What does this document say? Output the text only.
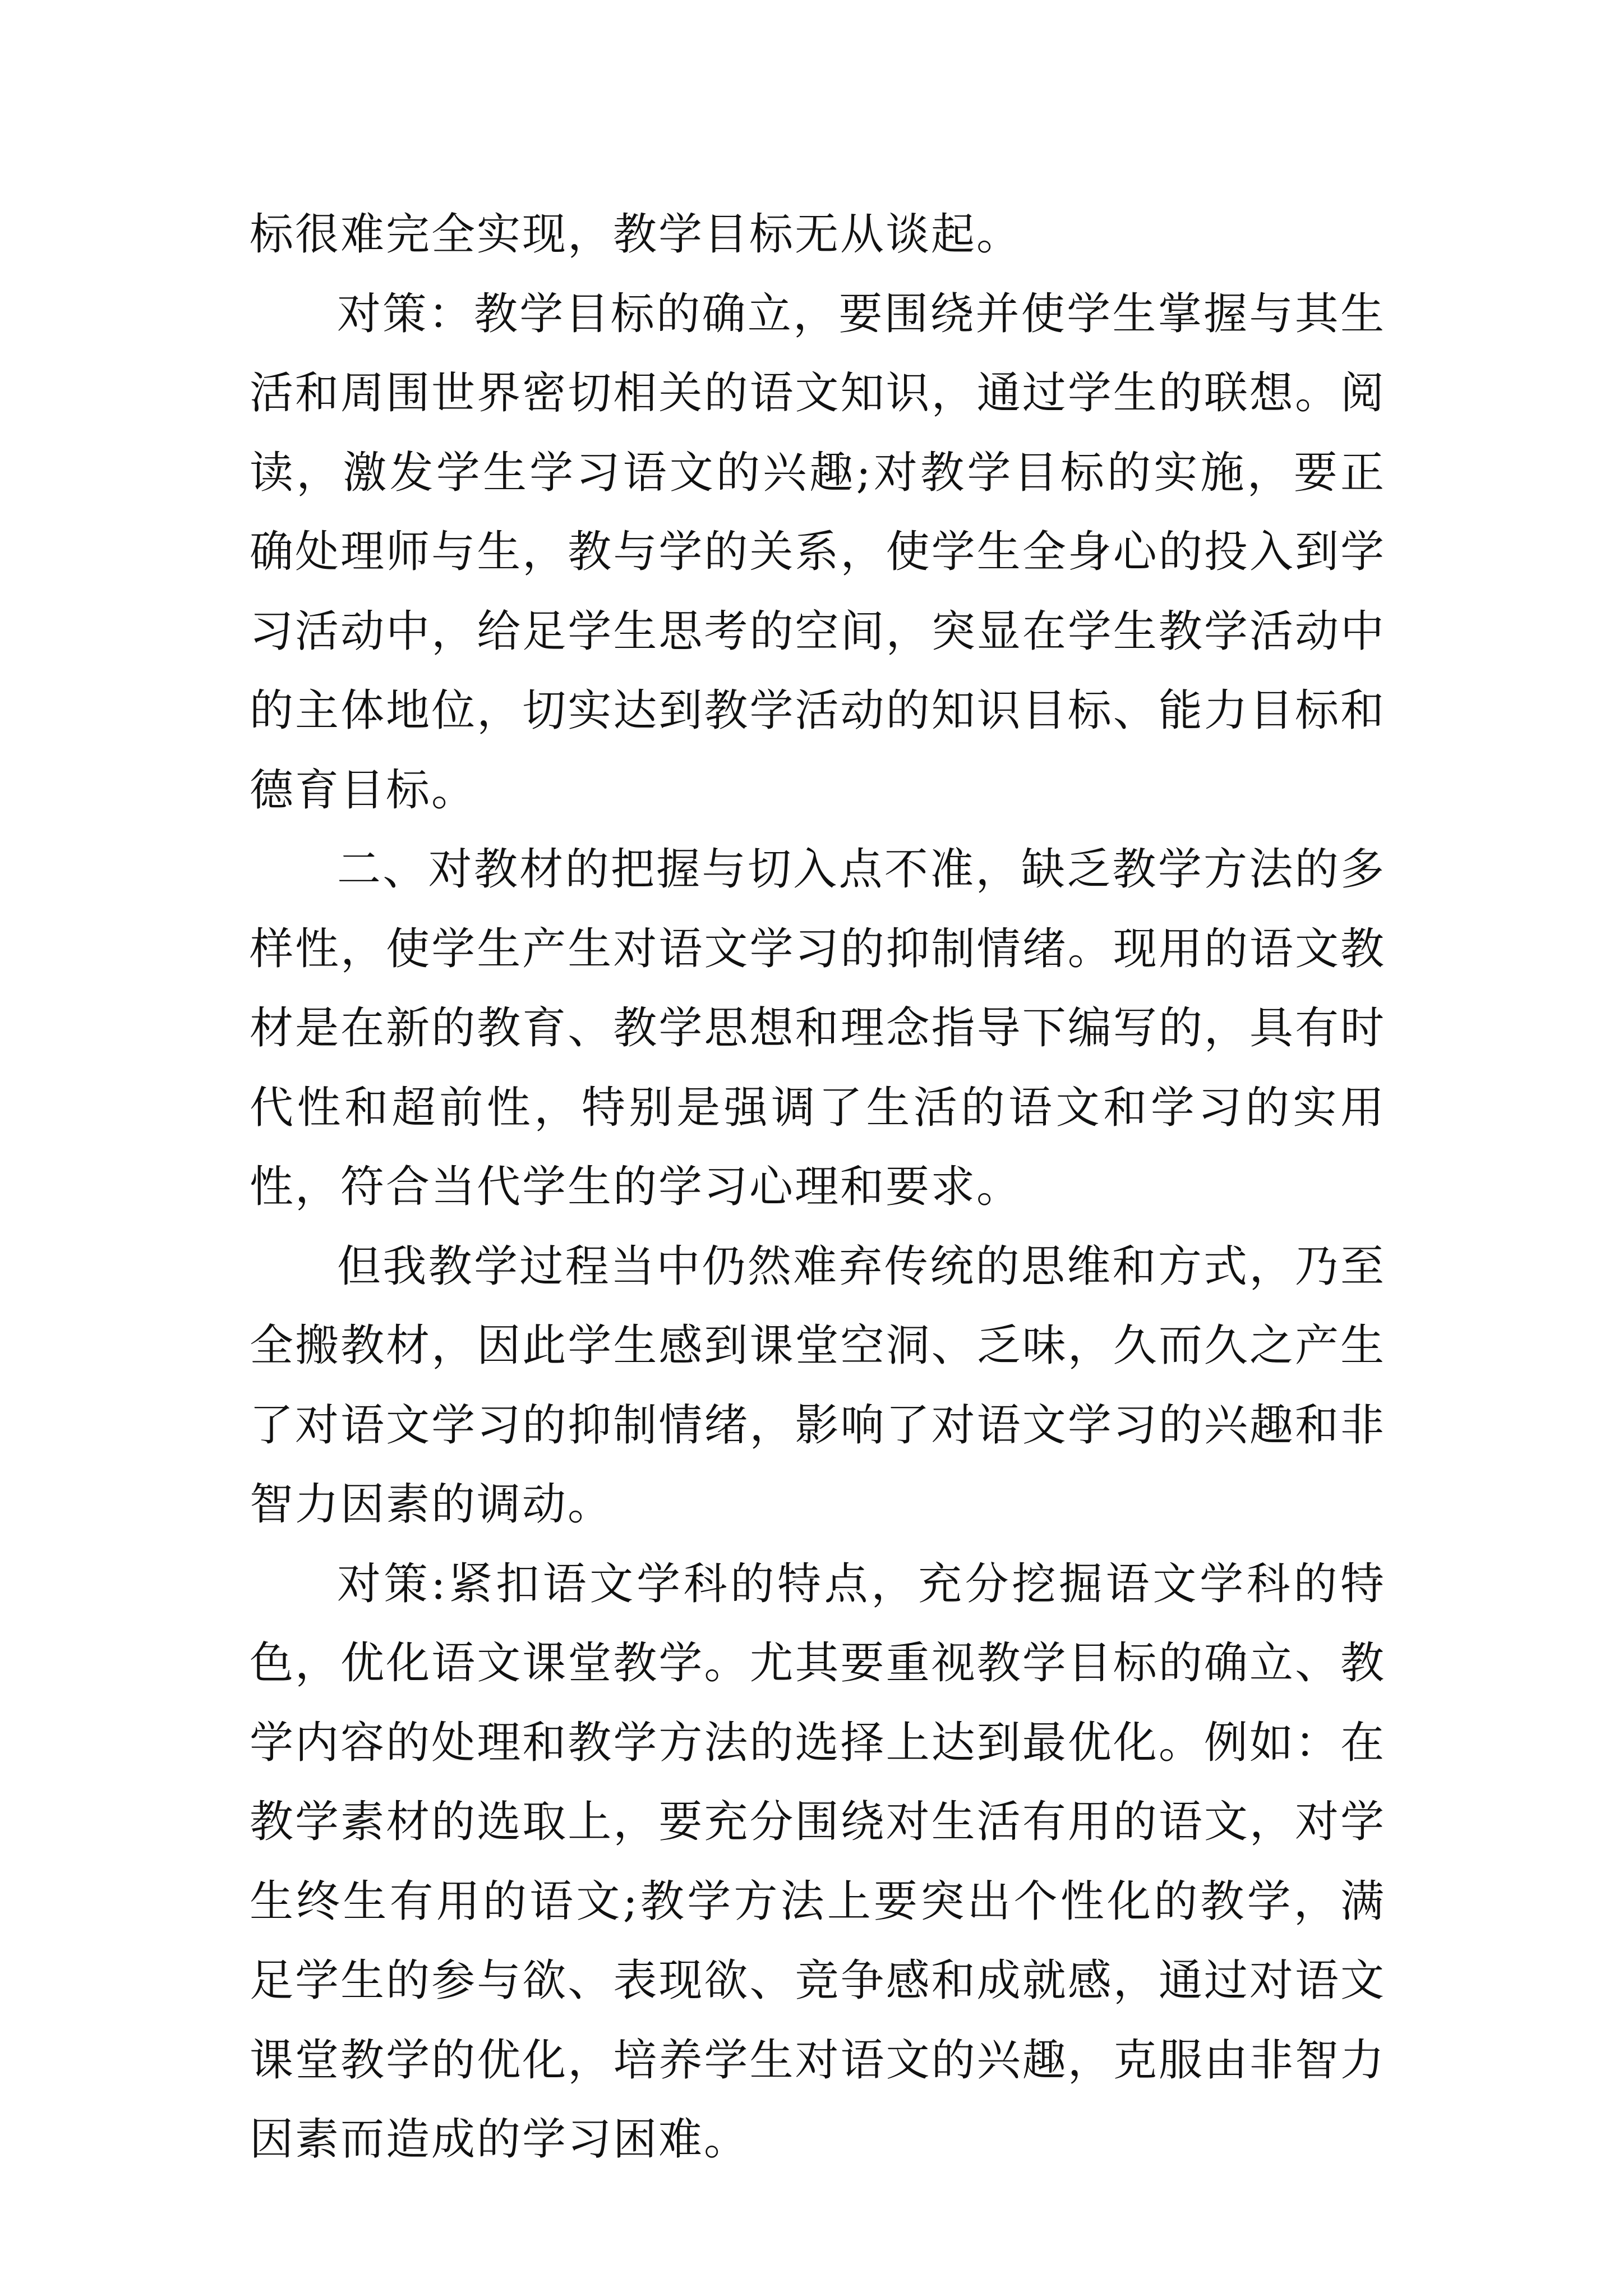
标很难完全实现，教学目标无从谈起。

对策：教学目标的确立，要围绕并使学生掌握与其生活和周围世界密切相关的语文知识，通过学生的联想。阅读，激发学生学习语文的兴趣;对教学目标的实施，要正确处理师与生，教与学的关系，使学生全身心的投入到学习活动中，给足学生思考的空间，突显在学生教学活动中的主体地位，切实达到教学活动的知识目标、能力目标和德育目标。

二、对教材的把握与切入点不准，缺乏教学方法的多样性，使学生产生对语文学习的抑制情绪。现用的语文教材是在新的教育、教学思想和理念指导下编写的，具有时代性和超前性，特别是强调了生活的语文和学习的实用性，符合当代学生的学习心理和要求。

但我教学过程当中仍然难弃传统的思维和方式，乃至全搬教材，因此学生感到课堂空洞、乏味，久而久之产生了对语文学习的抑制情绪，影响了对语文学习的兴趣和非智力因素的调动。

对策:紧扣语文学科的特点，充分挖掘语文学科的特色，优化语文课堂教学。尤其要重视教学目标的确立、教学内容的处理和教学方法的选择上达到最优化。例如：在教学素材的选取上，要充分围绕对生活有用的语文，对学生终生有用的语文;教学方法上要突出个性化的教学，满足学生的参与欲、表现欲、竞争感和成就感，通过对语文课堂教学的优化，培养学生对语文的兴趣，克服由非智力因素而造成的学习困难。
